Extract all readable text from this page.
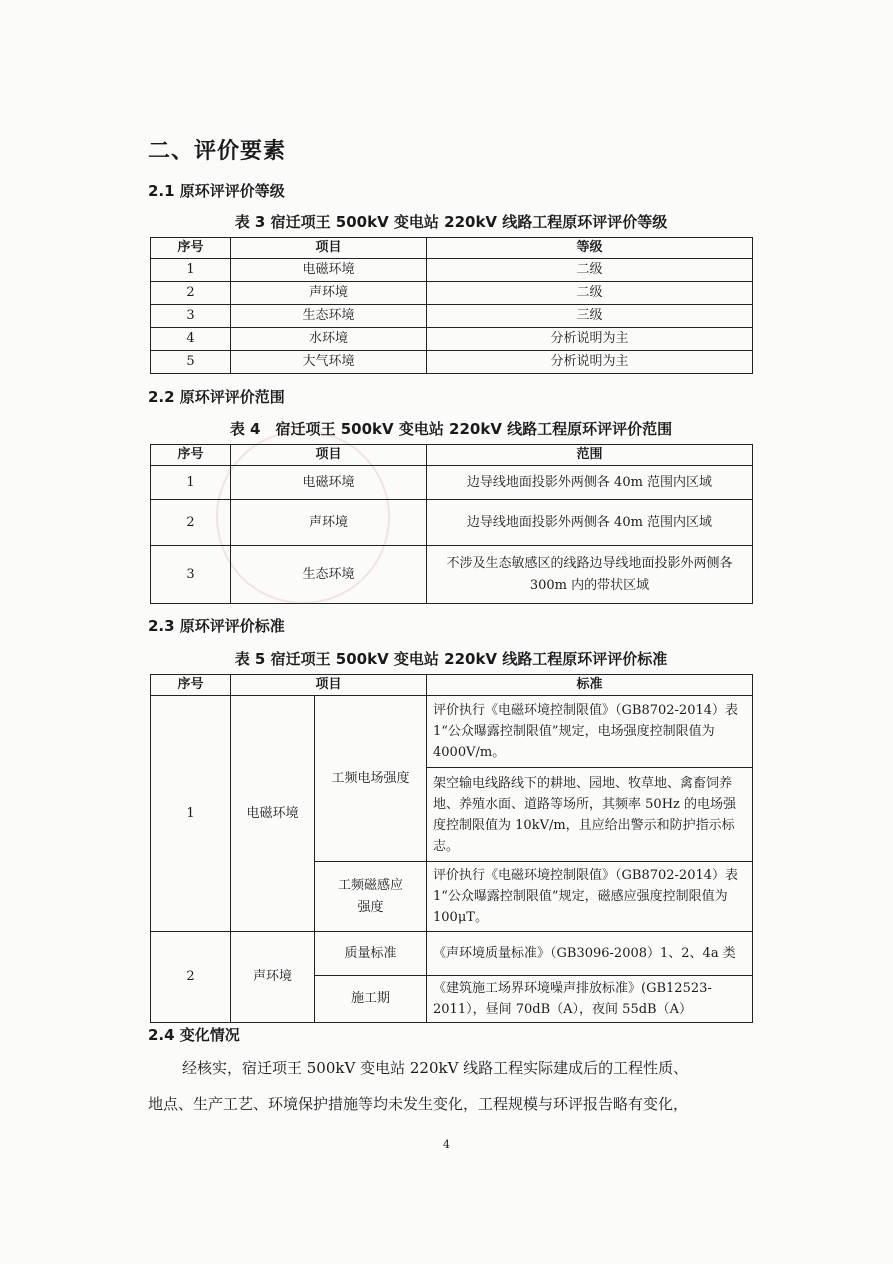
二、评价要素
2.1 原环评评价等级
表 3 宿迁项王 500kV 变电站 220kV 线路工程原环评评价等级
序号	项目	等级
1	电磁环境	二级
2	声环境	二级
3	生态环境	三级
4	水环境	分析说明为主
5	大气环境	分析说明为主
2.2 原环评评价范围
表 4　宿迁项王 500kV 变电站 220kV 线路工程原环评评价范围
序号	项目	范围
1	电磁环境	边导线地面投影外两侧各 40m 范围内区域
2	声环境	边导线地面投影外两侧各 40m 范围内区域
3	生态环境	不涉及生态敏感区的线路边导线地面投影外两侧各 300m 内的带状区域
2.3 原环评评价标准
表 5 宿迁项王 500kV 变电站 220kV 线路工程原环评评价标准
序号	项目		标准
1	电磁环境	工频电场强度	评价执行《电磁环境控制限值》（GB8702-2014）表 1“公众曝露控制限值”规定，电场强度控制限值为 4000V/m。
			架空输电线路线下的耕地、园地、牧草地、禽畜饲养地、养殖水面、道路等场所，其频率 50Hz 的电场强度控制限值为 10kV/m，且应给出警示和防护指示标志。
		工频磁感应强度	评价执行《电磁环境控制限值》（GB8702-2014）表 1“公众曝露控制限值”规定，磁感应强度控制限值为 100μT。
2	声环境	质量标准	《声环境质量标准》（GB3096-2008）1、2、4a 类
		施工期	《建筑施工场界环境噪声排放标准》(GB12523-2011），昼间 70dB（A），夜间 55dB（A）
2.4 变化情况

经核实，宿迁项王 500kV 变电站 220kV 线路工程实际建成后的工程性质、

地点、生产工艺、环境保护措施等均未发生变化，工程规模与环评报告略有变化，

4
